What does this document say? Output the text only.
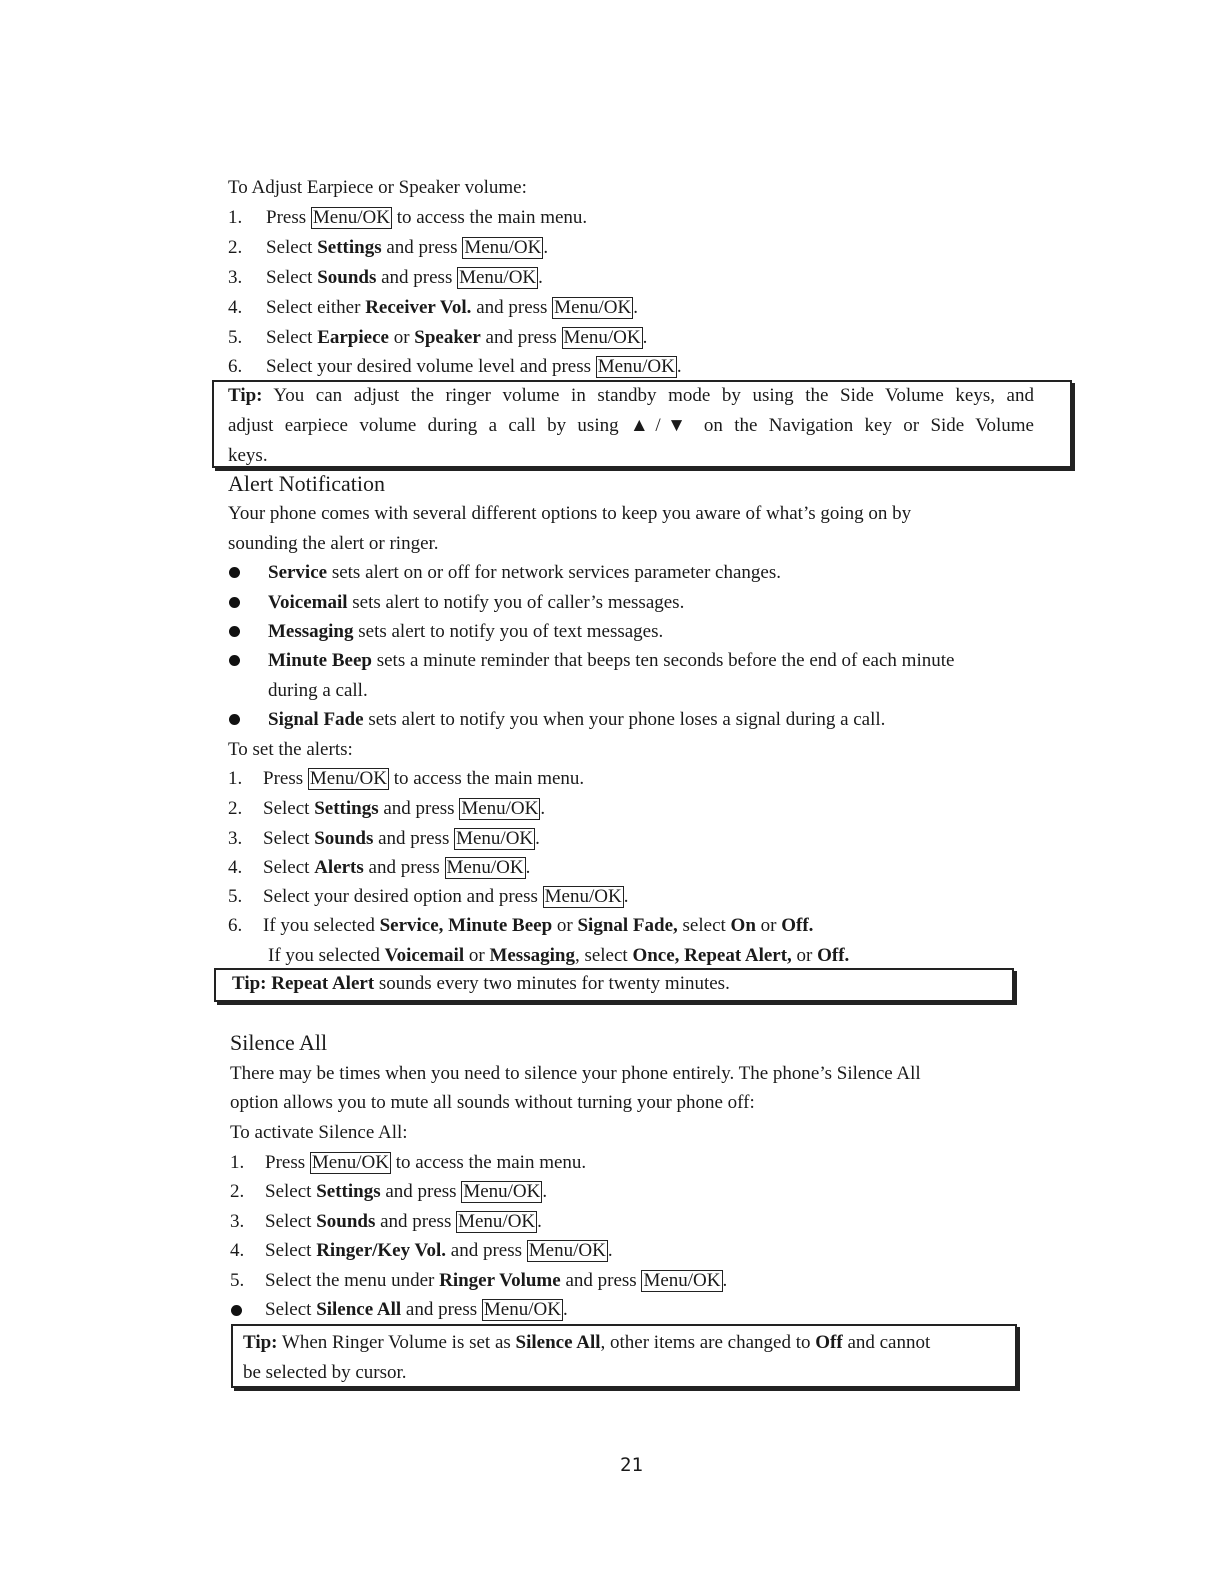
To Adjust Earpiece or Speaker volume:
1. Press Menu/OK to access the main menu.
2. Select Settings and press Menu/OK .
3. Select Sounds and press Menu/OK .
4. Select either Receiver Vol. and press Menu/OK .
5. Select Earpiece or Speaker and press Menu/OK .
6. Select your desired volume level and press Menu/OK .
Tip: You can adjust the ringer volume in standby mode by using the Side Volume keys, and
adjust earpiece volume during a call by using ▲/▼ on the Navigation key or Side Volume
keys.
Alert Notification
Your phone comes with several different options to keep you aware of what’s going on by
sounding the alert or ringer.
Service sets alert on or off for network services parameter changes.
Voicemail sets alert to notify you of caller’s messages.
Messaging sets alert to notify you of text messages.
Minute Beep sets a minute reminder that beeps ten seconds before the end of each minute
during a call.
Signal Fade sets alert to notify you when your phone loses a signal during a call.
To set the alerts:
1. Press Menu/OK to access the main menu.
2. Select Settings and press Menu/OK .
3. Select Sounds and press Menu/OK .
4. Select Alerts and press Menu/OK .
5. Select your desired option and press Menu/OK .
6. If you selected Service, Minute Beep or Signal Fade, select On or Off.
If you selected Voicemail or Messaging, select Once, Repeat Alert, or Off.
Tip: Repeat Alert sounds every two minutes for twenty minutes.
Silence All
There may be times when you need to silence your phone entirely. The phone’s Silence All
option allows you to mute all sounds without turning your phone off:
To activate Silence All:
1. Press Menu/OK to access the main menu.
2. Select Settings and press Menu/OK .
3. Select Sounds and press Menu/OK .
4. Select Ringer/Key Vol. and press Menu/OK .
5. Select the menu under Ringer Volume and press Menu/OK .
Select Silence All and press Menu/OK .
Tip: When Ringer Volume is set as Silence All, other items are changed to Off and cannot
be selected by cursor.
21
